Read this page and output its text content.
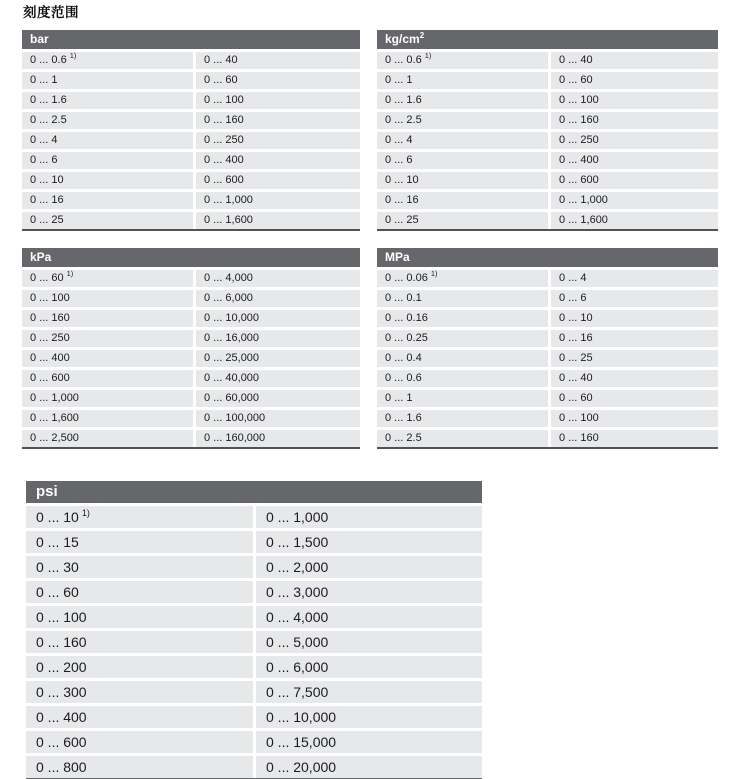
刻度范围
bar
0 ... 0.6 $^{1)}$	0 ... 40
0 ... 1	0 ... 60
0 ... 1.6	0 ... 100
0 ... 2.5	0 ... 160
0 ... 4	0 ... 250
0 ... 6	0 ... 400
0 ... 10	0 ... 600
0 ... 16	0 ... 1,000
0 ... 25	0 ... 1,600
$kg/cm^2$
0 ... 0.6 $^{1)}$	0 ... 40
0 ... 1	0 ... 60
0 ... 1.6	0 ... 100
0 ... 2.5	0 ... 160
0 ... 4	0 ... 250
0 ... 6	0 ... 400
0 ... 10	0 ... 600
0 ... 16	0 ... 1,000
0 ... 25	0 ... 1,600
kPa
0 ... 60 $^{1)}$	0 ... 4,000
0 ... 100	0 ... 6,000
0 ... 160	0 ... 10,000
0 ... 250	0 ... 16,000
0 ... 400	0 ... 25,000
0 ... 600	0 ... 40,000
0 ... 1,000	0 ... 60,000
0 ... 1,600	0 ... 100,000
0 ... 2,500	0 ... 160,000
MPa
0 ... 0.06 $^{1)}$	0 ... 4
0 ... 0.1	0 ... 6
0 ... 0.16	0 ... 10
0 ... 0.25	0 ... 16
0 ... 0.4	0 ... 25
0 ... 0.6	0 ... 40
0 ... 1	0 ... 60
0 ... 1.6	0 ... 100
0 ... 2.5	0 ... 160
psi
0 ... 10 $^{1)}$	0 ... 1,000
0 ... 15	0 ... 1,500
0 ... 30	0 ... 2,000
0 ... 60	0 ... 3,000
0 ... 100	0 ... 4,000
0 ... 160	0 ... 5,000
0 ... 200	0 ... 6,000
0 ... 300	0 ... 7,500
0 ... 400	0 ... 10,000
0 ... 600	0 ... 15,000
0 ... 800	0 ... 20,000
